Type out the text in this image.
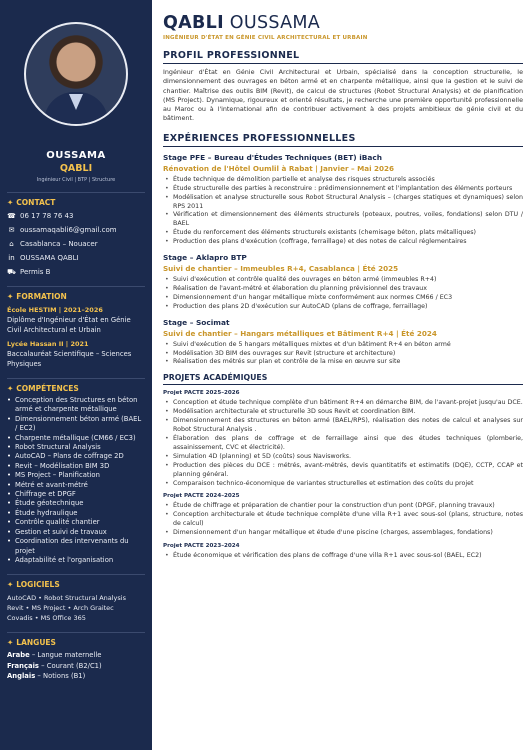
OUSSAMA
QABLI
Ingénieur Civil | BTP | Structure
✦ CONTACT
☎ 06 17 78 76 43
✉ oussamaqabli6@gmail.com
⌂ Casablanca – Nouacer
in OUSSAMA QABLI
⛟ Permis B
✦ FORMATION
École HESTIM | 2021–2026
Diplôme d'Ingénieur d'État en Génie Civil Architectural et Urbain
Lycée Hassan II | 2021
Baccalauréat Scientifique – Sciences Physiques
✦ COMPÉTENCES
• Conception des Structures en béton armé et charpente métallique
• Dimensionnement béton armé (BAEL / EC2)
• Charpente métallique (CM66 / EC3)
• Robot Structural Analysis
• AutoCAD – Plans de coffrage 2D
• Revit – Modélisation BIM 3D
• MS Project – Planification
• Métré et avant-métré
• Chiffrage et DPGF
• Étude géotechnique
• Étude hydraulique
• Contrôle qualité chantier
• Gestion et suivi de travaux
• Coordination des intervenants du projet
• Adaptabilité et l'organisation
✦ LOGICIELS
AutoCAD • Robot Structural Analysis
Revit • MS Project • Arch Graitec
Covadis • MS Office 365
✦ LANGUES
Arabe – Langue maternelle
Français – Courant (B2/C1)
Anglais – Notions (B1)
QABLI OUSSAMA
INGÉNIEUR D'ÉTAT EN GÉNIE CIVIL ARCHITECTURAL ET URBAIN
PROFIL PROFESSIONNEL

Ingénieur d'État en Génie Civil Architectural et Urbain, spécialisé dans la conception structurelle, le dimensionnement des ouvrages en béton armé et en charpente métallique, ainsi que la gestion et le suivi de chantier. Maîtrise des outils BIM (Revit), de calcul de structures (Robot Structural Analysis) et de planification (MS Project). Dynamique, rigoureux et orienté résultats, je recherche une première opportunité professionnelle au Maroc ou à l'international afin de contribuer activement à des projets ambitieux de génie civil et du bâtiment.

EXPÉRIENCES PROFESSIONNELLES
Stage PFE – Bureau d'Études Techniques (BET) iBach
Rénovation de l'Hôtel Oumlil à Rabat | Janvier – Mai 2026
• Étude technique de démolition partielle et analyse des risques structurels associés
• Étude structurelle des parties à reconstruire : prédimensionnement et l'implantation des éléments porteurs
• Modélisation et analyse structurelle sous Robot Structural Analysis – (charges statiques et dynamiques) selon RPS 2011
• Vérification et dimensionnement des éléments structurels (poteaux, poutres, voiles, fondations) selon DTU / BAEL
• Étude du renforcement des éléments structurels existants (chemisage béton, plats métalliques)
• Production des plans d'exécution (coffrage, ferraillage) et des notes de calcul réglementaires
Stage – Aklapro BTP
Suivi de chantier – Immeubles R+4, Casablanca | Été 2025
• Suivi d'exécution et contrôle qualité des ouvrages en béton armé (immeubles R+4)
• Réalisation de l'avant-métré et élaboration du planning prévisionnel des travaux
• Dimensionnement d'un hangar métallique mixte conformément aux normes CM66 / EC3
• Production des plans 2D d'exécution sur AutoCAD (plans de coffrage, ferraillage)
Stage – Socimat
Suivi de chantier – Hangars métalliques et Bâtiment R+4 | Été 2024
• Suivi d'exécution de 5 hangars métalliques mixtes et d'un bâtiment R+4 en béton armé
• Modélisation 3D BIM des ouvrages sur Revit (structure et architecture)
• Réalisation des métrés sur plan et contrôle de la mise en œuvre sur site
PROJETS ACADÉMIQUES
Projet PACTE 2025–2026
• Conception et étude technique complète d'un bâtiment R+4 en démarche BIM, de l'avant-projet jusqu'au DCE.
• Modélisation architecturale et structurelle 3D sous Revit et coordination BIM.
• Dimensionnement des structures en béton armé (BAEL/RPS), réalisation des notes de calcul et analyses sur Robot Structural Analysis .
• Élaboration des plans de coffrage et de ferraillage ainsi que des études techniques (plomberie, assainissement, CVC et électricité).
• Simulation 4D (planning) et 5D (coûts) sous Navisworks.
• Production des pièces du DCE : métrés, avant-métrés, devis quantitatifs et estimatifs (DQE), CCTP, CCAP et planning général.
• Comparaison technico-économique de variantes structurelles et estimation des coûts du projet
Projet PACTE 2024–2025
• Étude de chiffrage et préparation de chantier pour la construction d'un pont (DPGF, planning travaux)
• Conception architecturale et étude technique complète d'une villa R+1 avec sous-sol (plans, structure, notes de calcul)
• Dimensionnement d'un hangar métallique et étude d'une piscine (charges, assemblages, fondations)
Projet PACTE 2023–2024
• Étude économique et vérification des plans de coffrage d'une villa R+1 avec sous-sol (BAEL, EC2)
